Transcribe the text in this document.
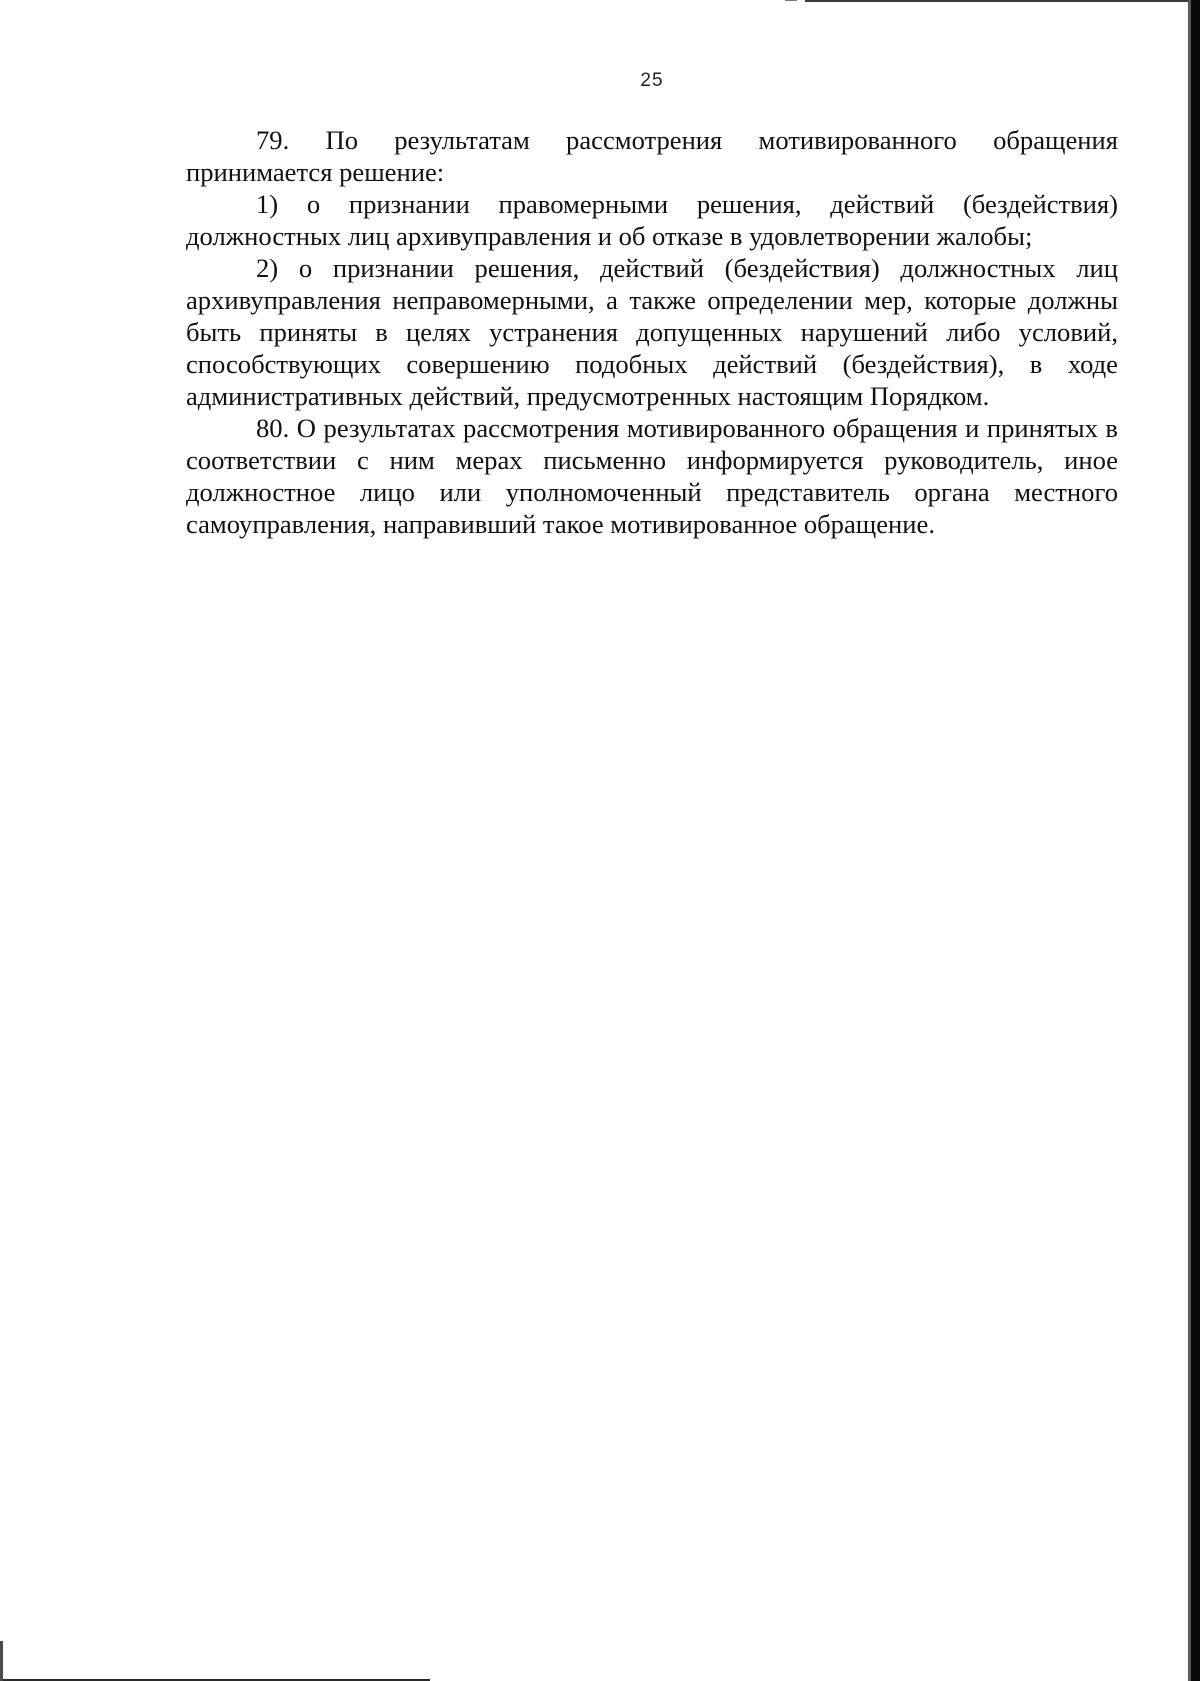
25

79. По результатам рассмотрения мотивированного обращения принимается решение:

1) о признании правомерными решения, действий (бездействия) должностных лиц архивуправления и об отказе в удовлетворении жалобы;

2) о признании решения, действий (бездействия) должностных лиц архивуправления неправомерными, а также определении мер, которые должны быть приняты в целях устранения допущенных нарушений либо условий, способствующих совершению подобных действий (бездействия), в ходе административных действий, предусмотренных настоящим Порядком.

80. О результатах рассмотрения мотивированного обращения и принятых в соответствии с ним мерах письменно информируется руководитель, иное должностное лицо или уполномоченный представитель органа местного самоуправления, направивший такое мотивированное обращение.
